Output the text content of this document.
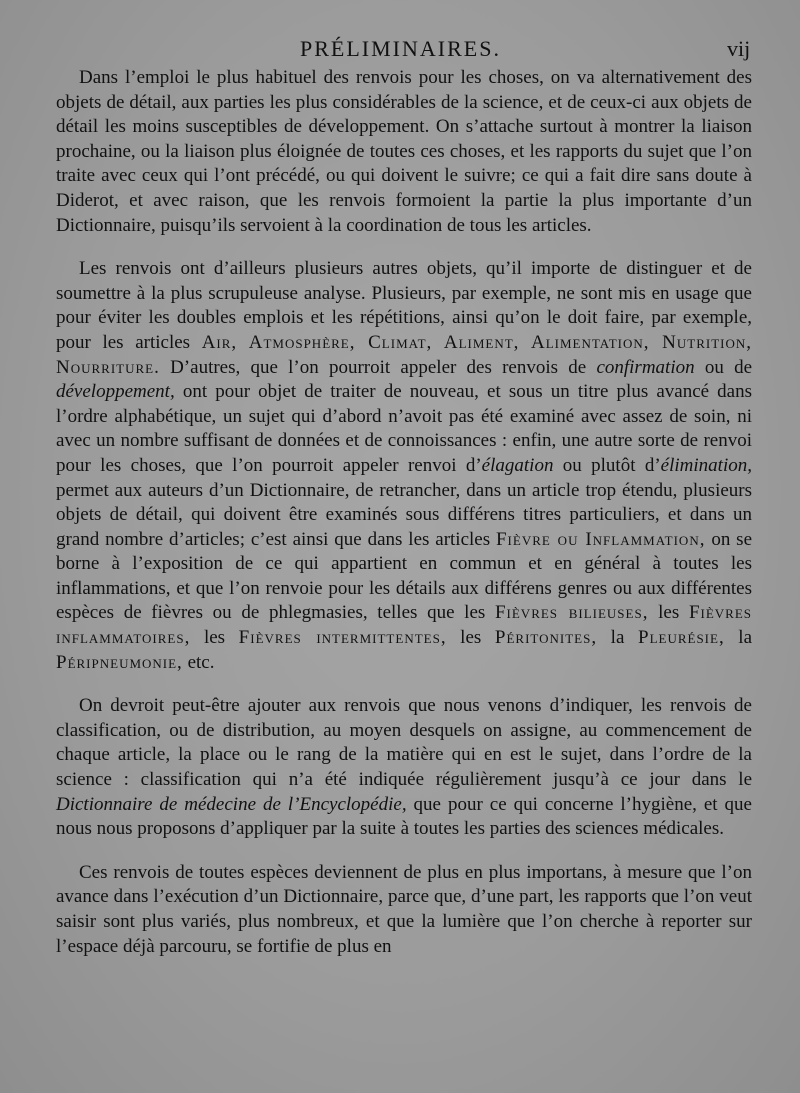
PRÉLIMINAIRES.	vij

Dans l’emploi le plus habituel des renvois pour les choses, on va alternativement des objets de détail, aux parties les plus considérables de la science, et de ceux-ci aux objets de détail les moins susceptibles de développement. On s’attache surtout à montrer la liaison prochaine, ou la liaison plus éloignée de toutes ces choses, et les rapports du sujet que l’on traite avec ceux qui l’ont précédé, ou qui doivent le suivre; ce qui a fait dire sans doute à Diderot, et avec raison, que les renvois formoient la partie la plus importante d’un Dictionnaire, puisqu’ils servoient à la coordination de tous les articles.

Les renvois ont d’ailleurs plusieurs autres objets, qu’il importe de distinguer et de soumettre à la plus scrupuleuse analyse. Plusieurs, par exemple, ne sont mis en usage que pour éviter les doubles emplois et les répétitions, ainsi qu’on le doit faire, par exemple, pour les articles Air, Atmosphère, Climat, Aliment, Alimentation, Nutrition, Nourriture. D’autres, que l’on pourroit appeler des renvois de confirmation ou de développement, ont pour objet de traiter de nouveau, et sous un titre plus avancé dans l’ordre alphabétique, un sujet qui d’abord n’avoit pas été examiné avec assez de soin, ni avec un nombre suffisant de données et de connoissances : enfin, une autre sorte de renvoi pour les choses, que l’on pourroit appeler renvoi d’élagation ou plutôt d’élimination, permet aux auteurs d’un Dictionnaire, de retrancher, dans un article trop étendu, plusieurs objets de détail, qui doivent être examinés sous différens titres particuliers, et dans un grand nombre d’articles; c’est ainsi que dans les articles Fièvre ou Inflammation, on se borne à l’exposition de ce qui appartient en commun et en général à toutes les inflammations, et que l’on renvoie pour les détails aux différens genres ou aux différentes espèces de fièvres ou de phlegmasies, telles que les Fièvres bilieuses, les Fièvres inflammatoires, les Fièvres intermittentes, les Péritonites, la Pleurésie, la Péripneumonie, etc.

On devroit peut-être ajouter aux renvois que nous venons d’indiquer, les renvois de classification, ou de distribution, au moyen desquels on assigne, au commencement de chaque article, la place ou le rang de la matière qui en est le sujet, dans l’ordre de la science : classification qui n’a été indiquée régulièrement jusqu’à ce jour dans le Dictionnaire de médecine de l’Encyclopédie, que pour ce qui concerne l’hygiène, et que nous nous proposons d’appliquer par la suite à toutes les parties des sciences médicales.

Ces renvois de toutes espèces deviennent de plus en plus importans, à mesure que l’on avance dans l’exécution d’un Dictionnaire, parce que, d’une part, les rapports que l’on veut saisir sont plus variés, plus nombreux, et que la lumière que l’on cherche à reporter sur l’espace déjà parcouru, se fortifie de plus en
